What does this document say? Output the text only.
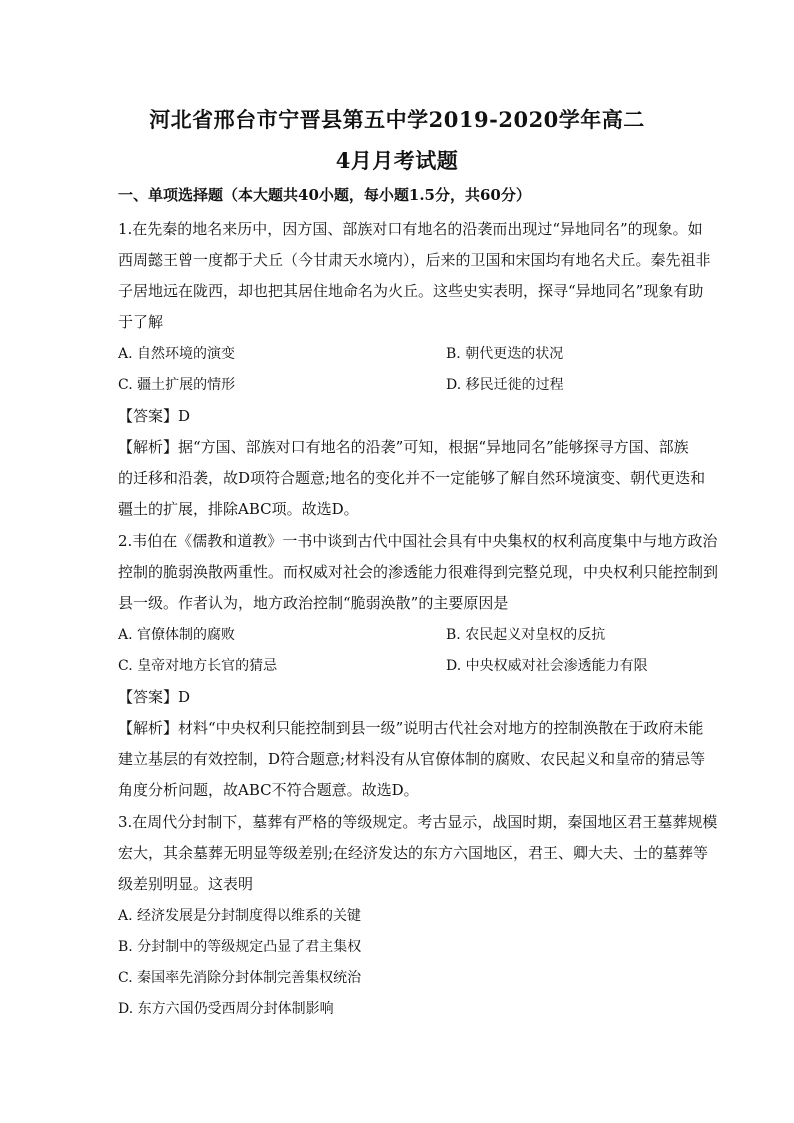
河北省邢台市宁晋县第五中学2019-2020学年高二
4月月考试题
一、单项选择题（本大题共40小题，每小题1.5分，共60分）
1.在先秦的地名来历中，因方国、部族对口有地名的沿袭而出现过“异地同名”的现象。如
西周懿王曾一度都于犬丘（今甘肃天水境内），后来的卫国和宋国均有地名犬丘。秦先祖非
子居地远在陇西，却也把其居住地命名为火丘。这些史实表明，探寻“异地同名”现象有助
于了解
A. 自然环境的演变	B. 朝代更迭的状况
C. 疆土扩展的情形	D. 移民迁徙的过程
【答案】D
【解析】据“方国、部族对口有地名的沿袭”可知，根据“异地同名”能够探寻方国、部族
的迁移和沿袭，故D项符合题意;地名的变化并不一定能够了解自然环境演变、朝代更迭和
疆土的扩展，排除ABC项。故选D。
2.韦伯在《儒教和道教》一书中谈到古代中国社会具有中央集权的权利高度集中与地方政治
控制的脆弱涣散两重性。而权威对社会的渗透能力很难得到完整兑现，中央权利只能控制到
县一级。作者认为，地方政治控制“脆弱涣散”的主要原因是
A. 官僚体制的腐败	B. 农民起义对皇权的反抗
C. 皇帝对地方长官的猜忌	D. 中央权威对社会渗透能力有限
【答案】D
【解析】材料“中央权利只能控制到县一级”说明古代社会对地方的控制涣散在于政府未能
建立基层的有效控制，D符合题意;材料没有从官僚体制的腐败、农民起义和皇帝的猜忌等
角度分析问题，故ABC不符合题意。故选D。
3.在周代分封制下，墓葬有严格的等级规定。考古显示，战国时期，秦国地区君王墓葬规模
宏大，其余墓葬无明显等级差别;在经济发达的东方六国地区，君王、卿大夫、士的墓葬等
级差别明显。这表明
A. 经济发展是分封制度得以维系的关键
B. 分封制中的等级规定凸显了君主集权
C. 秦国率先消除分封体制完善集权统治
D. 东方六国仍受西周分封体制影响
